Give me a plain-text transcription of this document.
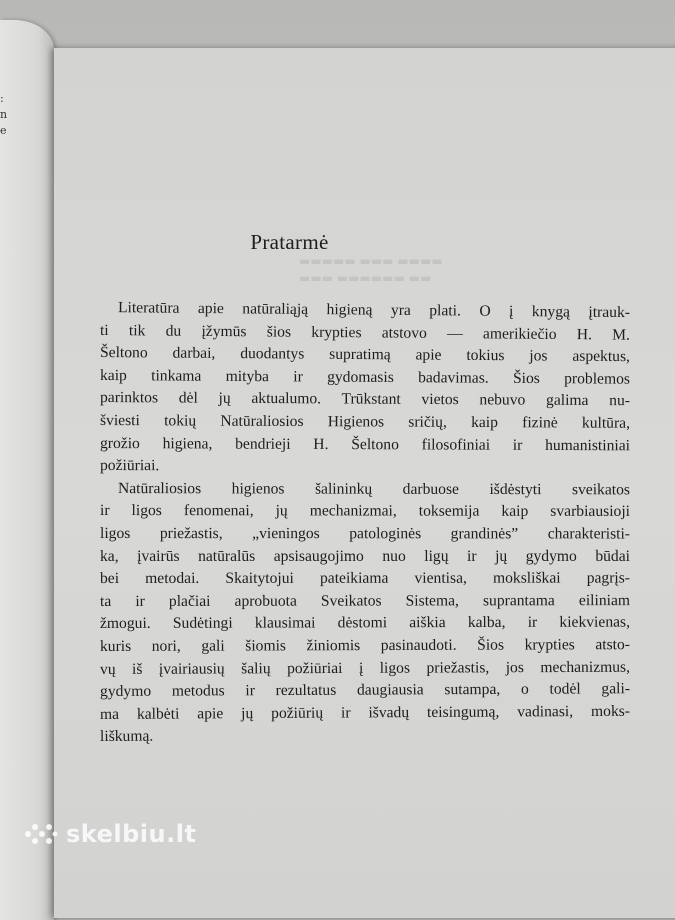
:
n
e
▬▬▬▬▬ ▬▬▬ ▬▬▬▬
▬▬▬ ▬▬▬▬▬▬ ▬▬
Pratarmė
Literatūra apie natūraliąją higieną yra plati. O į knygą įtrauk-
ti tik du įžymūs šios krypties atstovo — amerikiečio H. M.
Šeltono darbai, duodantys supratimą apie tokius jos aspektus,
kaip tinkama mityba ir gydomasis badavimas. Šios problemos
parinktos dėl jų aktualumo. Trūkstant vietos nebuvo galima nu-
šviesti tokių Natūraliosios Higienos sričių, kaip fizinė kultūra,
grožio higiena, bendrieji H. Šeltono filosofiniai ir humanistiniai
požiūriai.
Natūraliosios higienos šalininkų darbuose išdėstyti sveikatos
ir ligos fenomenai, jų mechanizmai, toksemija kaip svarbiausioji
ligos priežastis, „vieningos patologinės grandinės” charakteristi-
ka, įvairūs natūralūs apsisaugojimo nuo ligų ir jų gydymo būdai
bei metodai. Skaitytojui pateikiama vientisa, moksliškai pagrįs-
ta ir plačiai aprobuota Sveikatos Sistema, suprantama eiliniam
žmogui. Sudėtingi klausimai dėstomi aiškia kalba, ir kiekvienas,
kuris nori, gali šiomis žiniomis pasinaudoti. Šios krypties atsto-
vų iš įvairiausių šalių požiūriai į ligos priežastis, jos mechanizmus,
gydymo metodus ir rezultatus daugiausia sutampa, o todėl gali-
ma kalbėti apie jų požiūrių ir išvadų teisingumą, vadinasi, moks-
liškumą.
skelbiu.lt
